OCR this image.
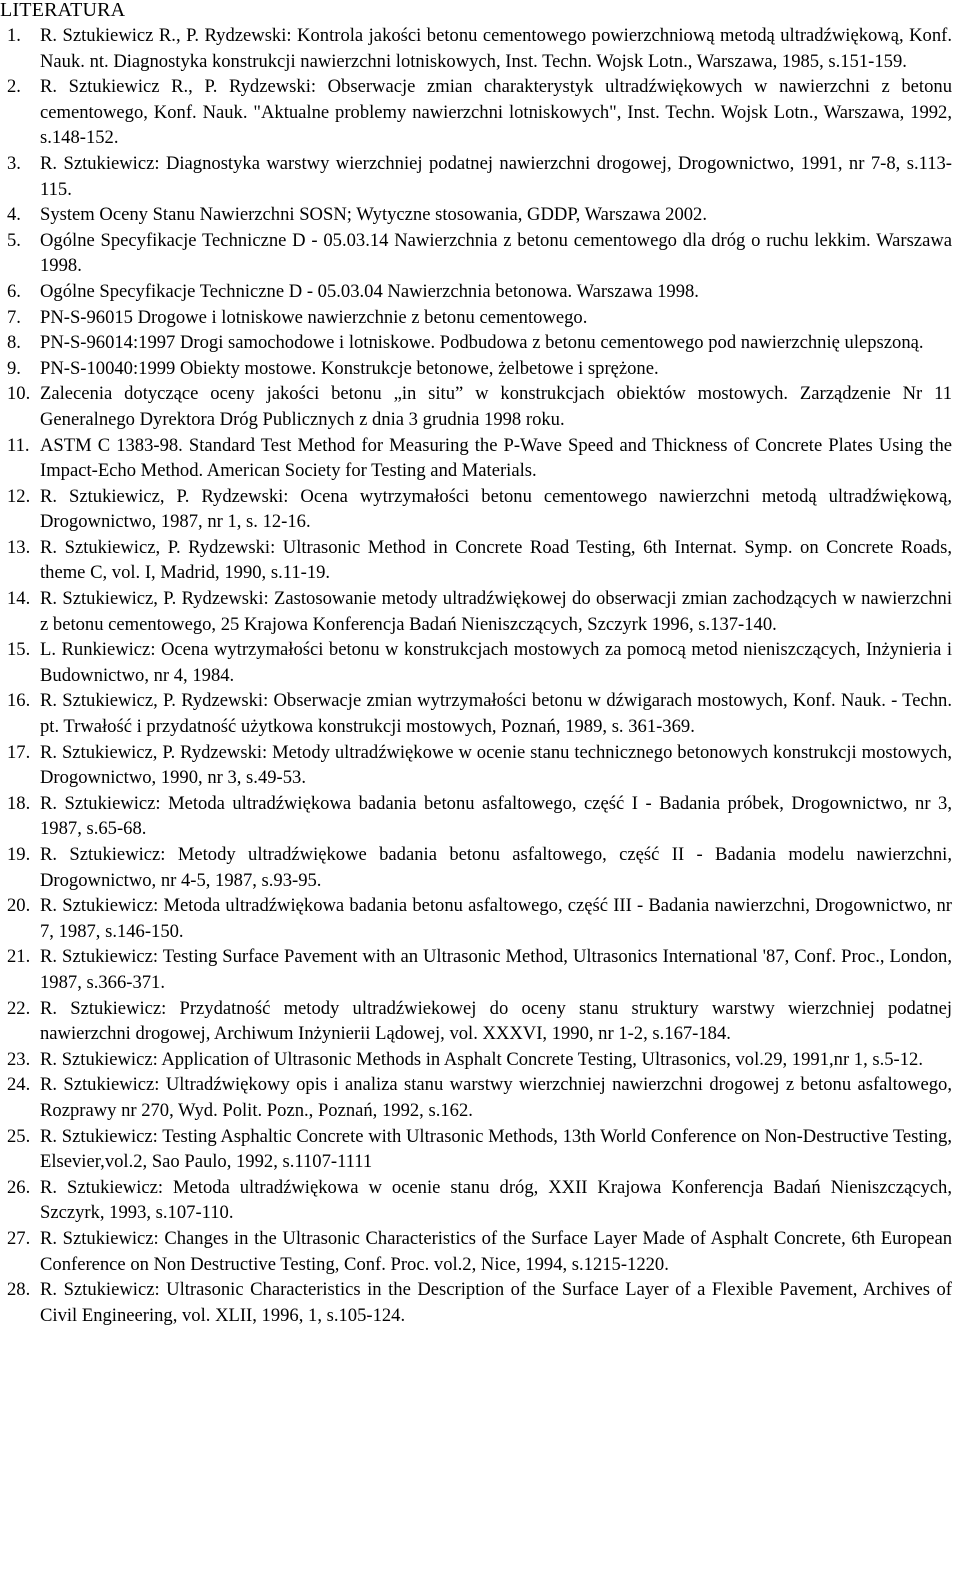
LITERATURA
1. R. Sztukiewicz R., P. Rydzewski: Kontrola jakości betonu cementowego powierzchniową metodą ultradźwiękową, Konf. Nauk. nt. Diagnostyka konstrukcji nawierzchni lotniskowych, Inst. Techn. Wojsk Lotn., Warszawa, 1985, s.151-159.
2. R. Sztukiewicz R., P. Rydzewski: Obserwacje zmian charakterystyk ultradźwiękowych w nawierzchni z betonu cementowego, Konf. Nauk. "Aktualne problemy nawierzchni lotniskowych", Inst. Techn. Wojsk Lotn., Warszawa, 1992, s.148-152.
3. R. Sztukiewicz: Diagnostyka warstwy wierzchniej podatnej nawierzchni drogowej, Drogownictwo, 1991, nr 7-8, s.113-115.
4. System Oceny Stanu Nawierzchni SOSN; Wytyczne stosowania, GDDP, Warszawa 2002.
5. Ogólne Specyfikacje Techniczne D - 05.03.14 Nawierzchnia z betonu cementowego dla dróg o ruchu lekkim. Warszawa 1998.
6. Ogólne Specyfikacje Techniczne D - 05.03.04 Nawierzchnia betonowa. Warszawa 1998.
7. PN-S-96015 Drogowe i lotniskowe nawierzchnie z betonu cementowego.
8. PN-S-96014:1997 Drogi samochodowe i lotniskowe. Podbudowa z betonu cementowego pod nawierzchnię ulepszoną.
9. PN-S-10040:1999 Obiekty mostowe. Konstrukcje betonowe, żelbetowe i sprężone.
10. Zalecenia dotyczące oceny jakości betonu „in situ” w konstrukcjach obiektów mostowych. Zarządzenie Nr 11 Generalnego Dyrektora Dróg Publicznych z dnia 3 grudnia 1998 roku.
11. ASTM C 1383-98. Standard Test Method for Measuring the P-Wave Speed and Thickness of Concrete Plates Using the Impact-Echo Method. American Society for Testing and Materials.
12. R. Sztukiewicz, P. Rydzewski: Ocena wytrzymałości betonu cementowego nawierzchni metodą ultradźwiękową, Drogownictwo, 1987, nr 1, s. 12-16.
13. R. Sztukiewicz, P. Rydzewski: Ultrasonic Method in Concrete Road Testing, 6th Internat. Symp. on Concrete Roads, theme C, vol. I, Madrid, 1990, s.11-19.
14. R. Sztukiewicz, P. Rydzewski: Zastosowanie metody ultradźwiękowej do obserwacji zmian zachodzących w nawierzchni z betonu cementowego, 25 Krajowa Konferencja Badań Nieniszczących, Szczyrk 1996, s.137-140.
15. L. Runkiewicz: Ocena wytrzymałości betonu w konstrukcjach mostowych za pomocą metod nieniszczących, Inżynieria i Budownictwo, nr 4, 1984.
16. R. Sztukiewicz, P. Rydzewski: Obserwacje zmian wytrzymałości betonu w dźwigarach mostowych, Konf. Nauk. - Techn. pt. Trwałość i przydatność użytkowa konstrukcji mostowych, Poznań, 1989, s. 361-369.
17. R. Sztukiewicz, P. Rydzewski: Metody ultradźwiękowe w ocenie stanu technicznego betonowych konstrukcji mostowych, Drogownictwo, 1990, nr 3, s.49-53.
18. R. Sztukiewicz: Metoda ultradźwiękowa badania betonu asfaltowego, część I - Badania próbek, Drogownictwo, nr 3, 1987, s.65-68.
19. R. Sztukiewicz: Metody ultradźwiękowe badania betonu asfaltowego, część II - Badania modelu nawierzchni, Drogownictwo, nr 4-5, 1987, s.93-95.
20. R. Sztukiewicz: Metoda ultradźwiękowa badania betonu asfaltowego, część III - Badania nawierzchni, Drogownictwo, nr 7, 1987, s.146-150.
21. R. Sztukiewicz: Testing Surface Pavement with an Ultrasonic Method, Ultrasonics International '87, Conf. Proc., London, 1987, s.366-371.
22. R. Sztukiewicz: Przydatność metody ultradźwiekowej do oceny stanu struktury warstwy wierzchniej podatnej nawierzchni drogowej, Archiwum Inżynierii Lądowej, vol. XXXVI, 1990, nr 1-2, s.167-184.
23. R. Sztukiewicz: Application of Ultrasonic Methods in Asphalt Concrete Testing, Ultrasonics, vol.29, 1991,nr 1, s.5-12.
24. R. Sztukiewicz: Ultradźwiękowy opis i analiza stanu warstwy wierzchniej nawierzchni drogowej z betonu asfaltowego, Rozprawy nr 270, Wyd. Polit. Pozn., Poznań, 1992, s.162.
25. R. Sztukiewicz: Testing Asphaltic Concrete with Ultrasonic Methods, 13th World Conference on Non-Destructive Testing, Elsevier,vol.2, Sao Paulo, 1992, s.1107-1111
26. R. Sztukiewicz: Metoda ultradźwiękowa w ocenie stanu dróg, XXII Krajowa Konferencja Badań Nieniszczących, Szczyrk, 1993, s.107-110.
27. R. Sztukiewicz: Changes in the Ultrasonic Characteristics of the Surface Layer Made of Asphalt Concrete, 6th European Conference on Non Destructive Testing, Conf. Proc. vol.2, Nice, 1994, s.1215-1220.
28. R. Sztukiewicz: Ultrasonic Characteristics in the Description of the Surface Layer of a Flexible Pavement, Archives of Civil Engineering, vol. XLII, 1996, 1, s.105-124.
